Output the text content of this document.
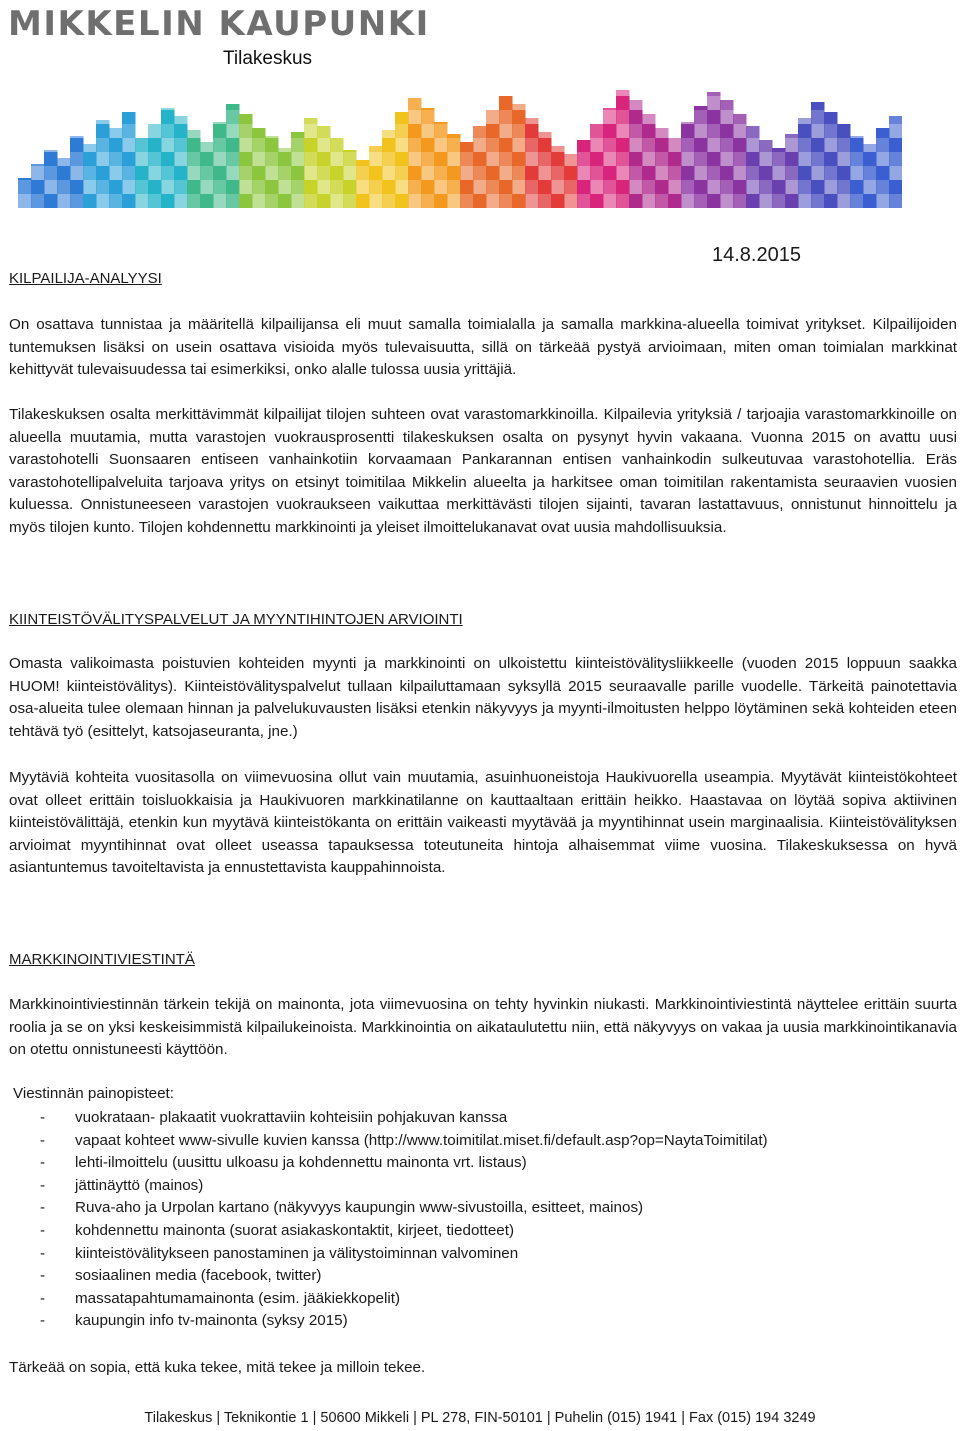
MIKKELIN KAUPUNKI
Tilakeskus
14.8.2015
KILPAILIJA-ANALYYSI

On osattava tunnistaa ja määritellä kilpailijansa eli muut samalla toimialalla ja samalla markkina-alueella toimivat yritykset. Kilpailijoiden tuntemuksen lisäksi on usein osattava visioida myös tulevaisuutta, sillä on tärkeää pystyä arvioimaan, miten oman toimialan markkinat kehittyvät tulevaisuudessa tai esimerkiksi, onko alalle tulossa uusia yrittäjiä.

Tilakeskuksen osalta merkittävimmät kilpailijat tilojen suhteen ovat varastomarkkinoilla. Kilpailevia yrityksiä / tarjoajia varastomarkkinoille on alueella muutamia, mutta varastojen vuokrausprosentti tilakeskuksen osalta on pysynyt hyvin vakaana. Vuonna 2015 on avattu uusi varastohotelli Suonsaaren entiseen vanhainkotiin korvaamaan Pankarannan entisen vanhainkodin sulkeutuvaa varastohotellia. Eräs varastohotellipalveluita tarjoava yritys on etsinyt toimitilaa Mikkelin alueelta ja harkitsee oman toimitilan rakentamista seuraavien vuosien kuluessa. Onnistuneeseen varastojen vuokraukseen vaikuttaa merkittävästi tilojen sijainti, tavaran lastattavuus, onnistunut hinnoittelu ja myös tilojen kunto. Tilojen kohdennettu markkinointi ja yleiset ilmoittelukanavat ovat uusia mahdollisuuksia.

KIINTEISTÖVÄLITYSPALVELUT JA MYYNTIHINTOJEN ARVIOINTI

Omasta valikoimasta poistuvien kohteiden myynti ja markkinointi on ulkoistettu kiinteistövälitysliikkeelle (vuoden 2015 loppuun saakka HUOM! kiinteistövälitys). Kiinteistövälityspalvelut tullaan kilpailuttamaan syksyllä 2015 seuraavalle parille vuodelle. Tärkeitä painotettavia osa-alueita tulee olemaan hinnan ja palvelukuvausten lisäksi etenkin näkyvyys ja myynti-ilmoitusten helppo löytäminen sekä kohteiden eteen tehtävä työ (esittelyt, katsojaseuranta, jne.)

Myytäviä kohteita vuositasolla on viimevuosina ollut vain muutamia, asuinhuoneistoja Haukivuorella useampia. Myytävät kiinteistökohteet ovat olleet erittäin toisluokkaisia ja Haukivuoren markkinatilanne on kauttaaltaan erittäin heikko. Haastavaa on löytää sopiva aktiivinen kiinteistövälittäjä, etenkin kun myytävä kiinteistökanta on erittäin vaikeasti myytävää ja myyntihinnat usein marginaalisia. Kiinteistövälityksen arvioimat myyntihinnat ovat olleet useassa tapauksessa toteutuneita hintoja alhaisemmat viime vuosina. Tilakeskuksessa on hyvä asiantuntemus tavoiteltavista ja ennustettavista kauppahinnoista.

MARKKINOINTIVIESTINTÄ

Markkinointiviestinnän tärkein tekijä on mainonta, jota viimevuosina on tehty hyvinkin niukasti. Markkinointiviestintä näyttelee erittäin suurta roolia ja se on yksi keskeisimmistä kilpailukeinoista. Markkinointia on aikataulutettu niin, että näkyvyys on vakaa ja uusia markkinointikanavia on otettu onnistuneesti käyttöön.

Viestinnän painopisteet:
- vuokrataan- plakaatit vuokrattaviin kohteisiin pohjakuvan kanssa
- vapaat kohteet www-sivulle kuvien kanssa (http://www.toimitilat.miset.fi/default.asp?op=NaytaToimitilat)
- lehti-ilmoittelu (uusittu ulkoasu ja kohdennettu mainonta vrt. listaus)
- jättinäyttö (mainos)
- Ruva-aho ja Urpolan kartano (näkyvyys kaupungin www-sivustoilla, esitteet, mainos)
- kohdennettu mainonta (suorat asiakaskontaktit, kirjeet, tiedotteet)
- kiinteistövälitykseen panostaminen ja välitystoiminnan valvominen
- sosiaalinen media (facebook, twitter)
- massatapahtumamainonta (esim. jääkiekkopelit)
- kaupungin info tv-mainonta (syksy 2015)

Tärkeää on sopia, että kuka tekee, mitä tekee ja milloin tekee.

Tilakeskus | Teknikontie 1 | 50600 Mikkeli | PL 278, FIN-50101 | Puhelin (015) 1941 | Fax (015) 194 3249
